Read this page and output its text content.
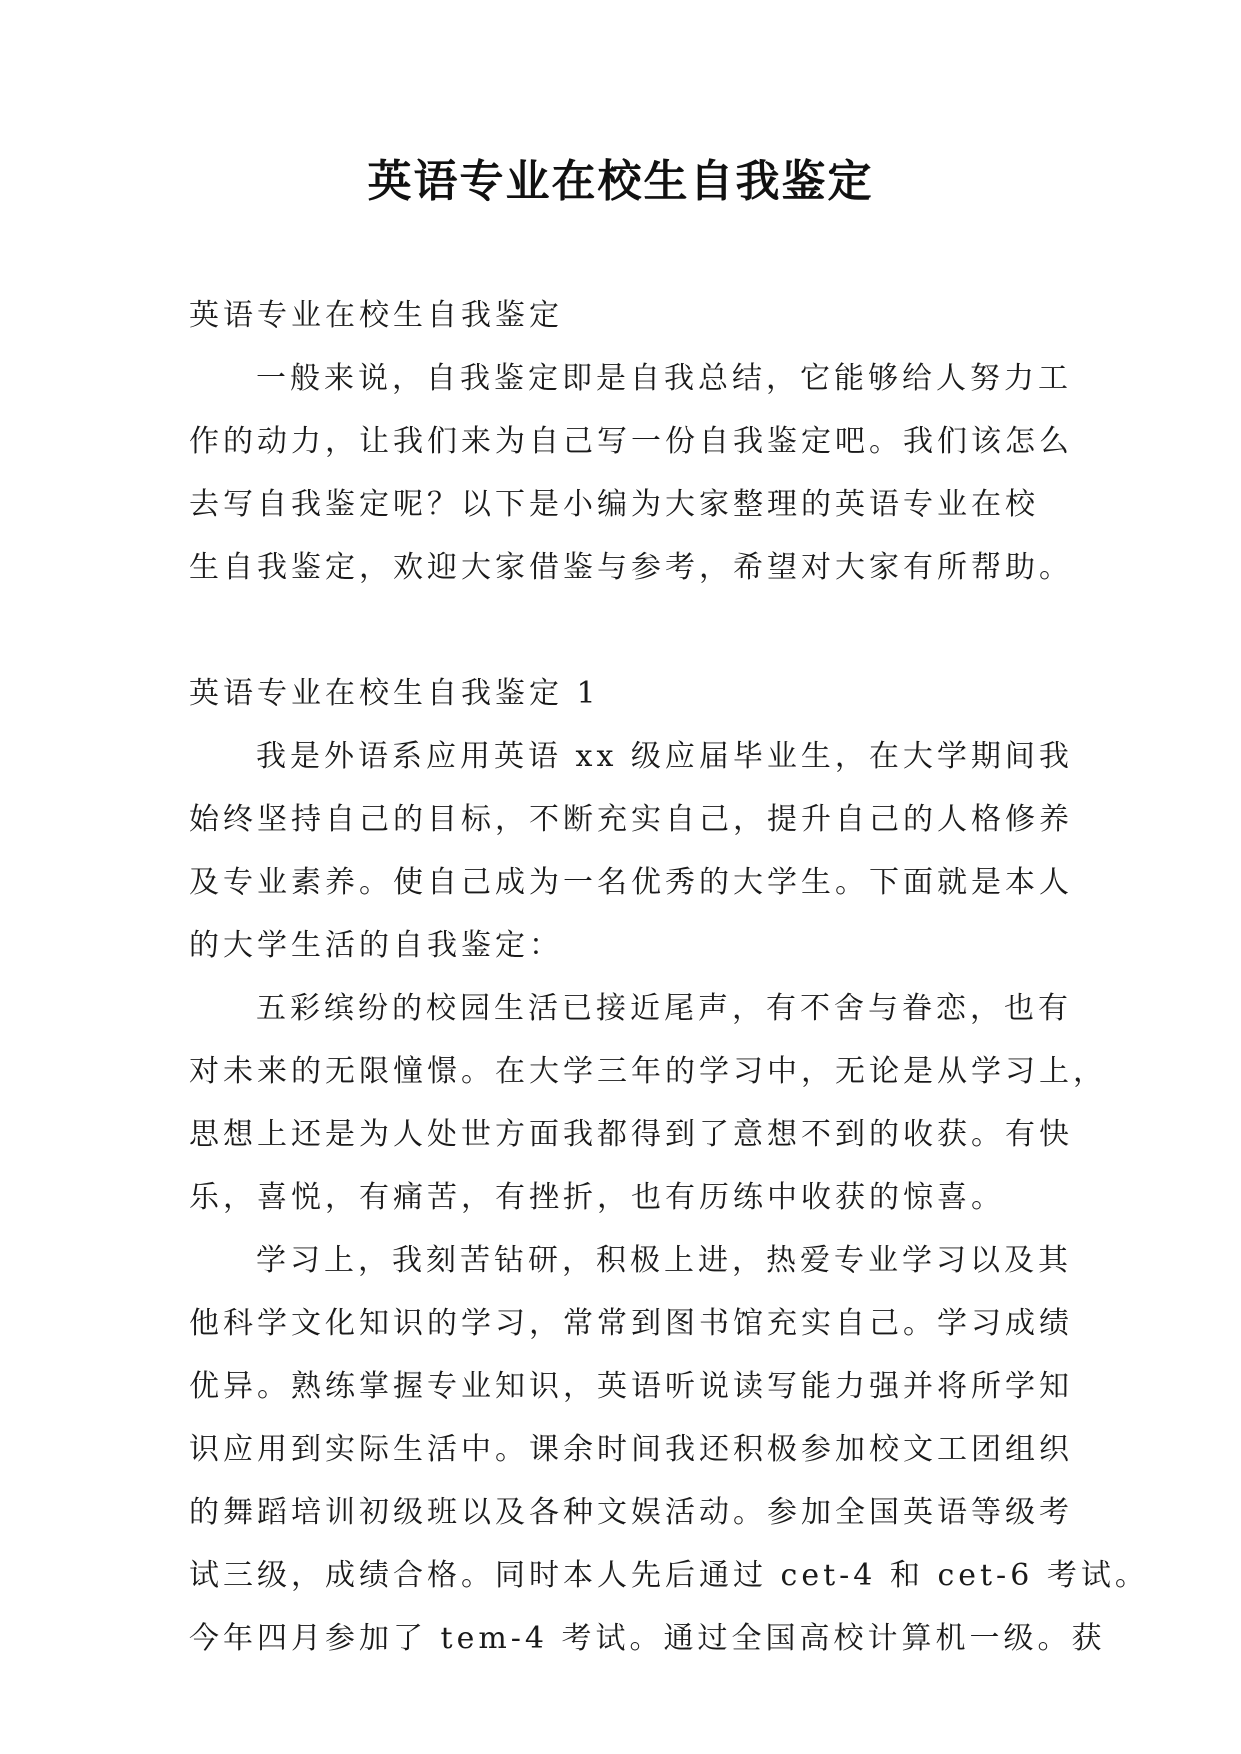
英语专业在校生自我鉴定

英语专业在校生自我鉴定

一般来说，自我鉴定即是自我总结，它能够给人努力工

作的动力，让我们来为自己写一份自我鉴定吧。我们该怎么

去写自我鉴定呢？以下是小编为大家整理的英语专业在校

生自我鉴定，欢迎大家借鉴与参考，希望对大家有所帮助。

英语专业在校生自我鉴定 1

我是外语系应用英语 xx 级应届毕业生，在大学期间我

始终坚持自己的目标，不断充实自己，提升自己的人格修养

及专业素养。使自己成为一名优秀的大学生。下面就是本人

的大学生活的自我鉴定：

五彩缤纷的校园生活已接近尾声，有不舍与眷恋，也有

对未来的无限憧憬。在大学三年的学习中，无论是从学习上，

思想上还是为人处世方面我都得到了意想不到的收获。有快

乐，喜悦，有痛苦，有挫折，也有历练中收获的惊喜。

学习上，我刻苦钻研，积极上进，热爱专业学习以及其

他科学文化知识的学习，常常到图书馆充实自己。学习成绩

优异。熟练掌握专业知识，英语听说读写能力强并将所学知

识应用到实际生活中。课余时间我还积极参加校文工团组织

的舞蹈培训初级班以及各种文娱活动。参加全国英语等级考

试三级，成绩合格。同时本人先后通过 cet-4 和 cet-6 考试。

今年四月参加了 tem-4 考试。通过全国高校计算机一级。获
